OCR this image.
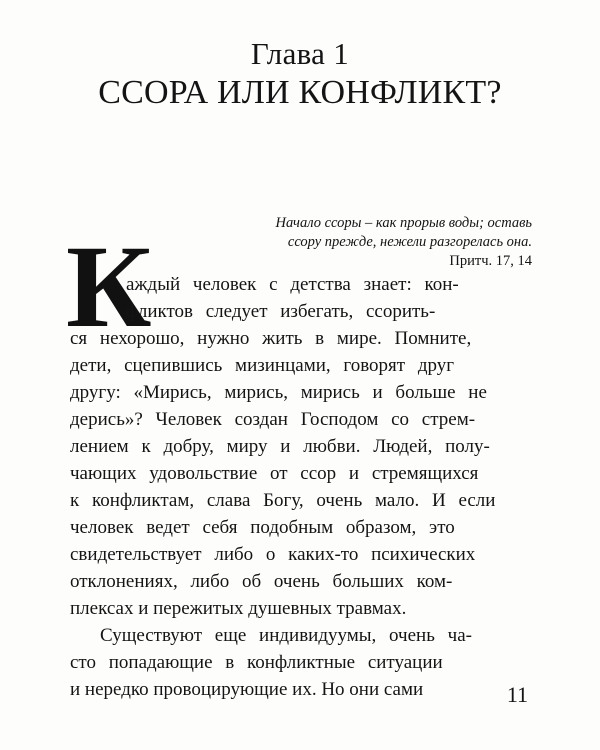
Глава 1
ССОРА ИЛИ КОНФЛИКТ?
Начало ссоры – как прорыв воды; оставь
ссору прежде, нежели разгорелась она.
Притч. 17, 14
К
аждый человек с детства знает: кон-
фликтов следует избегать, ссорить-
ся нехорошо, нужно жить в мире. Помните,
дети, сцепившись мизинцами, говорят друг
другу: «Мирись, мирись, мирись и больше не
дерись»? Человек создан Господом со стрем-
лением к добру, миру и любви. Людей, полу-
чающих удовольствие от ссор и стремящихся
к конфликтам, слава Богу, очень мало. И если
человек ведет себя подобным образом, это
свидетельствует либо о каких-то психических
отклонениях, либо об очень больших ком-
плексах и пережитых душевных травмах.
Существуют еще индивидуумы, очень ча-
сто попадающие в конфликтные ситуации
и нередко провоцирующие их. Но они сами	11
